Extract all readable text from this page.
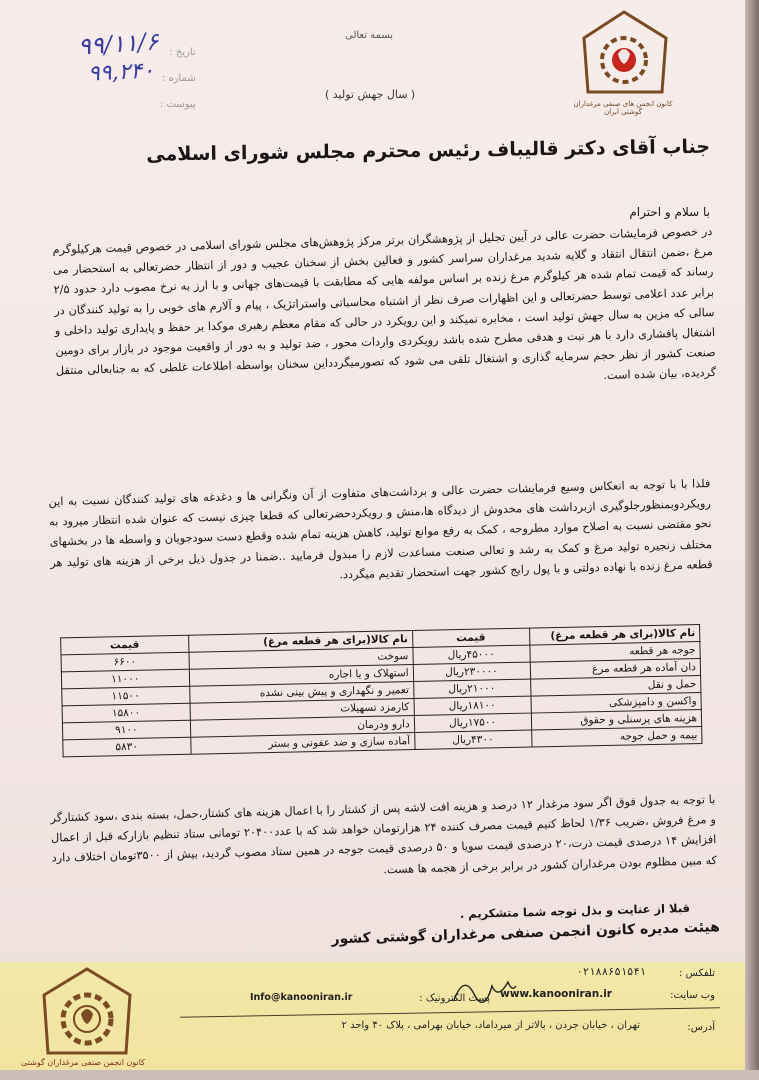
کانون انجمن های صنفی مرغداران گوشتی ایران
بسمه تعالی
( سال جهش تولید )
تاریخ :
شماره :
پیوست :
۹۹/۱۱/۶
۹۹,۲۴۰
جناب آقای دکتر قالیباف رئیس محترم مجلس شورای اسلامی
با سلام و احترام
در خصوص فرمایشات حضرت عالی در آیین تجلیل از پژوهشگران برتر مرکز پژوهش‌های مجلس شورای اسلامی در خصوص قیمت هرکیلوگرم مرغ ،ضمن انتقال انتقاد و گلایه شدید مرغداران سراسر کشور و فعالین بخش از سخنان عجیب و دور از انتظار حضرتعالی به استحضار می رساند که قیمت تمام شده هر کیلوگرم مرغ زنده بر اساس مولفه هایی که مطابقت با قیمت‌های جهانی و با ارز به نرخ مصوب دارد حدود ۲/۵ برابر عدد اعلامی توسط حضرتعالی و این اظهارات صرف نظر از اشتباه محاسباتی واستراتژیک ، پیام و آلارم های خوبی را به تولید کنندگان در سالی که مزین به سال جهش تولید است ، مخابره نمیکند و این رویکرد در حالی که مقام معظم رهبری موکدا بر حفظ و پایداری تولید داخلی و اشتغال پافشاری دارد با هر نیت و هدفی مطرح شده باشد رویکردی واردات محور ، ضد تولید و به دور از واقعیت موجود در بازار برای دومین صنعت کشور از نظر حجم سرمایه گذاری و اشتغال تلقی می شود که تصورمیگردداین سخنان بواسطه اطلاعات غلطی که به جنابعالی منتقل گردیده، بیان شده است.
فلذا با با توجه به انعکاس وسیع فرمایشات حضرت عالی و برداشت‌های متفاوت از آن ونگرانی ها و دغدغه های تولید کنندگان نسبت به این رویکردوبمنظورجلوگیری ازبرداشت های مخدوش از دیدگاه ها،منش و رویکردحضرتعالی که قطعا چیزی نیست که عنوان شده انتظار میرود به نحو مقتضی نسبت به اصلاح موارد مطروحه ، کمک به رفع موانع تولید، کاهش هزینه تمام شده وقطع دست سودجویان و واسطه ها در بخشهای مختلف زنجیره تولید مرغ و کمک به رشد و تعالی صنعت مساعدت لازم را مبذول فرمایید ..ضمنا در جدول ذیل برخی از هزینه های تولید هر قطعه مرغ زنده با نهاده دولتی و با پول رایج کشور جهت استحضار تقدیم میگردد.
نام کالا(برای هر قطعه مرغ)	قیمت	نام کالا(برای هر قطعه مرغ)	قیمت
جوجه هر قطعه	۴۵۰۰۰ریال	سوخت	۶۶۰۰
دان آماده هر قطعه مرغ	۲۳۰۰۰۰ریال	استهلاک و یا اجاره	۱۱۰۰۰
حمل و نقل	۲۱۰۰۰ریال	تعمیر و نگهداری و پیش بینی نشده	۱۱۵۰۰
واکسن و دامپزشکی	۱۸۱۰۰ریال	کارمزد تسهیلات	۱۵۸۰۰
هزینه های پرسنلی و حقوق	۱۷۵۰۰ریال	دارو ودرمان	۹۱۰۰
بیمه و حمل جوجه	۴۳۰۰ریال	آماده سازی و ضد عفونی و بستر	۵۸۳۰
با توجه به جدول فوق اگر سود مرغدار ۱۲ درصد و هزینه افت لاشه پس از کشتار را با اعمال هزینه های کشتار،حمل، بسته بندی ،سود کشتارگر و مرغ فروش ،ضریب ۱/۳۶ لحاظ کنیم قیمت مصرف کننده ۲۴ هزارتومان خواهد شد که با عدد۲۰۴۰۰ تومانی ستاد تنظیم بازارکه قبل از اعمال افزایش ۱۴ درصدی قیمت ذرت،۲۰ درصدی قیمت سویا و ۵۰ درصدی قیمت جوجه در همین ستاد مصوب گردید، بیش از ۳۵۰۰تومان اختلاف دارد که مبین مظلوم بودن مرغداران کشور در برابر برخی از هجمه ها هست.
قبلا از عنایت و بذل توجه شما متشکریم .
هیئت مدیره کانون انجمن صنفی مرغداران گوشتی کشور
تلفکس :
۰۲۱۸۸۶۵۱۵۴۱
وب سایت:
www.kanooniran.ir
پست الکترونیک :
Info@kanooniran.ir
آدرس:
تهران ، خیابان جردن ، بالاتر از میرداماد، خیابان بهرامی ، پلاک ۴۰ واحد ۲
کانون انجمن صنفی مرغداران گوشتی
